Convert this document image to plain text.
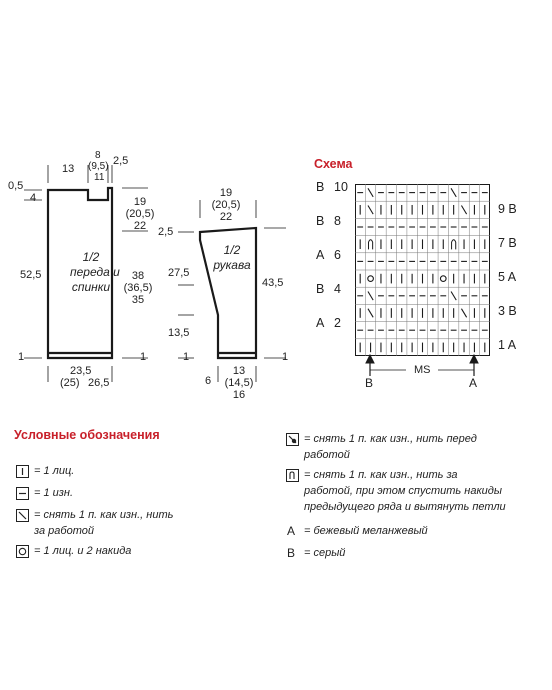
1/2
переда и
спинки
13
8
(9,5)
11
2,5
0,5
4	19
(20,5)
22
52,5	38
(36,5)
35
1	1
23,5
(25) 26,5
1/2
рукава
19
(20,5)
22
2,5
27,5
43,5
13,5
1	1
6
13
(14,5)
16
Схема
B 10
B 8
A 6
B 4
A 2
9 B
7 B
5 A
3 B
1 A
MS
B	A
Условные обозначения
= 1 лиц.
= 1 изн.
= снять 1 п. как изн., нить
за работой
= 1 лиц. и 2 накида
= снять 1 п. как изн., нить перед
работой
= снять 1 п. как изн., нить за
работой, при этом спустить накиды
предыдущего ряда и вытянуть петли
A = бежевый меланжевый
B = серый
